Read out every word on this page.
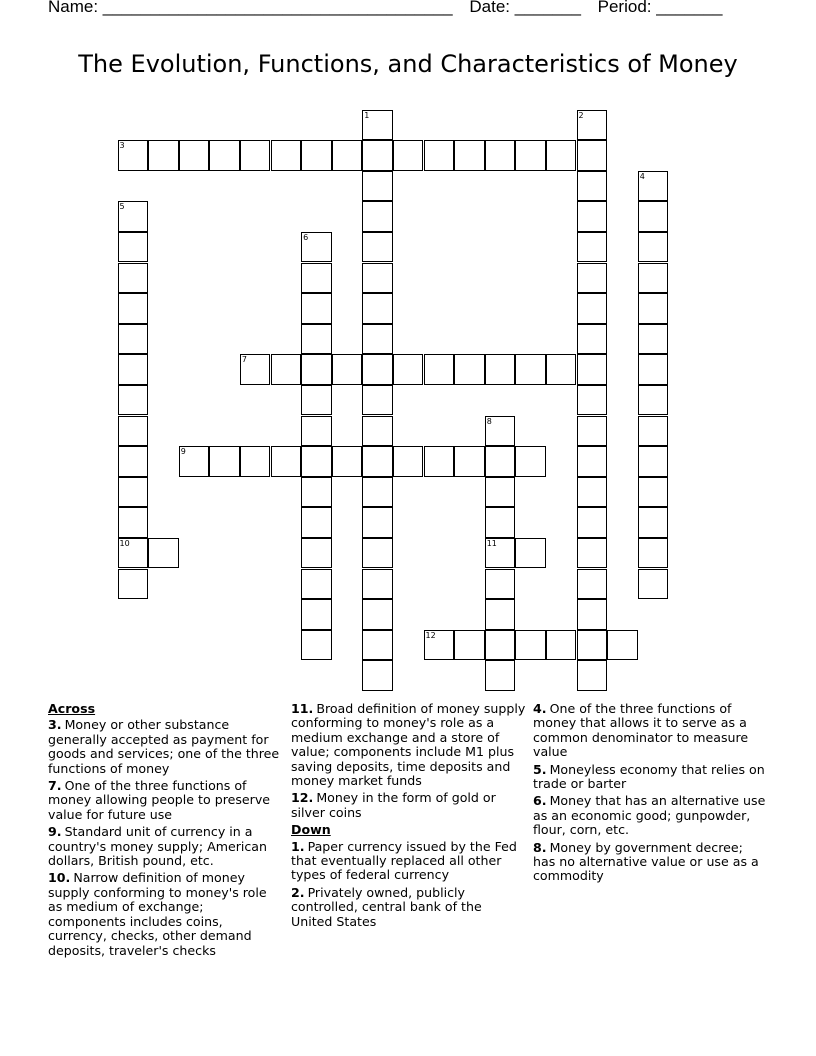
Name: _____________________________________ Date: _______ Period: _______
The Evolution, Functions, and Characteristics of Money
1	2
3
4
5
10
6
7
8
11
9
12
Across
3. Money or other substance generally accepted as payment for goods and services; one of the three functions of money
7. One of the three functions of money allowing people to preserve value for future use
9. Standard unit of currency in a country's money supply; American dollars, British pound, etc.
10. Narrow definition of money supply conforming to money's role as medium of exchange; components includes coins, currency, checks, other demand deposits, traveler's checks
11. Broad definition of money supply conforming to money's role as a medium exchange and a store of value; components include M1 plus saving deposits, time deposits and money market funds
12. Money in the form of gold or silver coins
Down
1. Paper currency issued by the Fed that eventually replaced all other types of federal currency
2. Privately owned, publicly controlled, central bank of the United States
4. One of the three functions of money that allows it to serve as a common denominator to measure value
5. Moneyless economy that relies on trade or barter
6. Money that has an alternative use as an economic good; gunpowder, flour, corn, etc.
8. Money by government decree; has no alternative value or use as a commodity
